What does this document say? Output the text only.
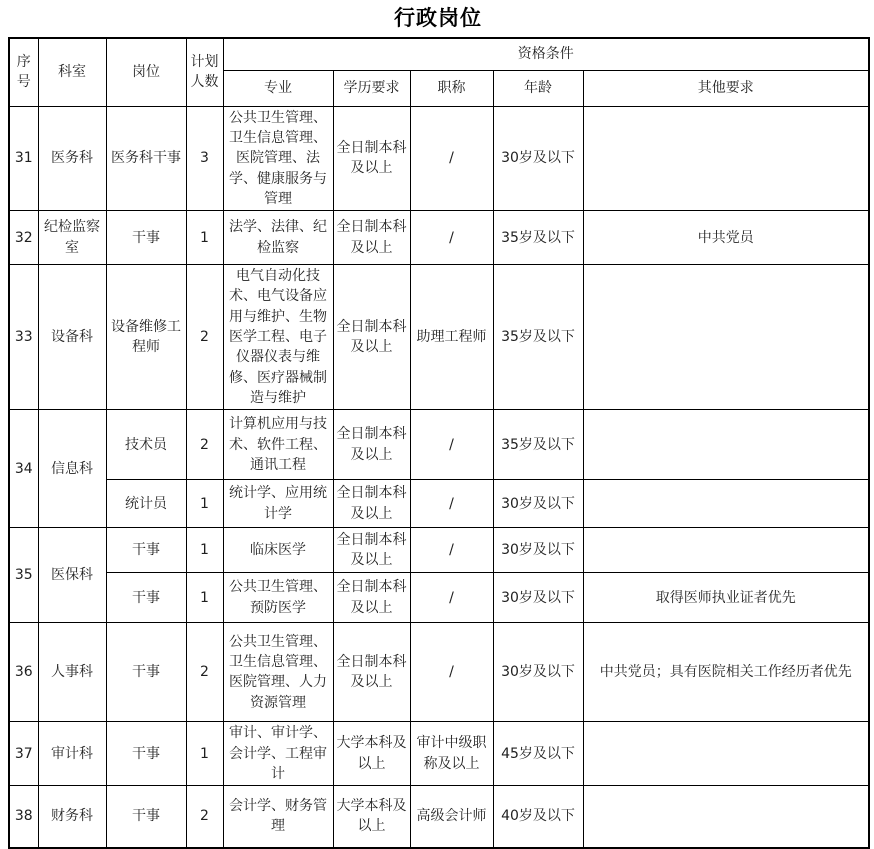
行政岗位
序号	科室	岗位	计划人数	资格条件				
				专业	学历要求	职称	年龄	其他要求
31	医务科	医务科干事	3	公共卫生管理、卫生信息管理、医院管理、法学、健康服务与管理	全日制本科及以上	/	30岁及以下	
32	纪检监察室	干事	1	法学、法律、纪检监察	全日制本科及以上	/	35岁及以下	中共党员
33	设备科	设备维修工程师	2	电气自动化技术、电气设备应用与维护、生物医学工程、电子仪器仪表与维修、医疗器械制造与维护	全日制本科及以上	助理工程师	35岁及以下	
34	信息科	技术员	2	计算机应用与技术、软件工程、通讯工程	全日制本科及以上	/	35岁及以下	
		统计员	1	统计学、应用统计学	全日制本科及以上	/	30岁及以下	
35	医保科	干事	1	临床医学	全日制本科及以上	/	30岁及以下	
		干事	1	公共卫生管理、预防医学	全日制本科及以上	/	30岁及以下	取得医师执业证者优先
36	人事科	干事	2	公共卫生管理、卫生信息管理、医院管理、人力资源管理	全日制本科及以上	/	30岁及以下	中共党员；具有医院相关工作经历者优先
37	审计科	干事	1	审计、审计学、会计学、工程审计	大学本科及以上	审计中级职称及以上	45岁及以下	
38	财务科	干事	2	会计学、财务管理	大学本科及以上	高级会计师	40岁及以下	
